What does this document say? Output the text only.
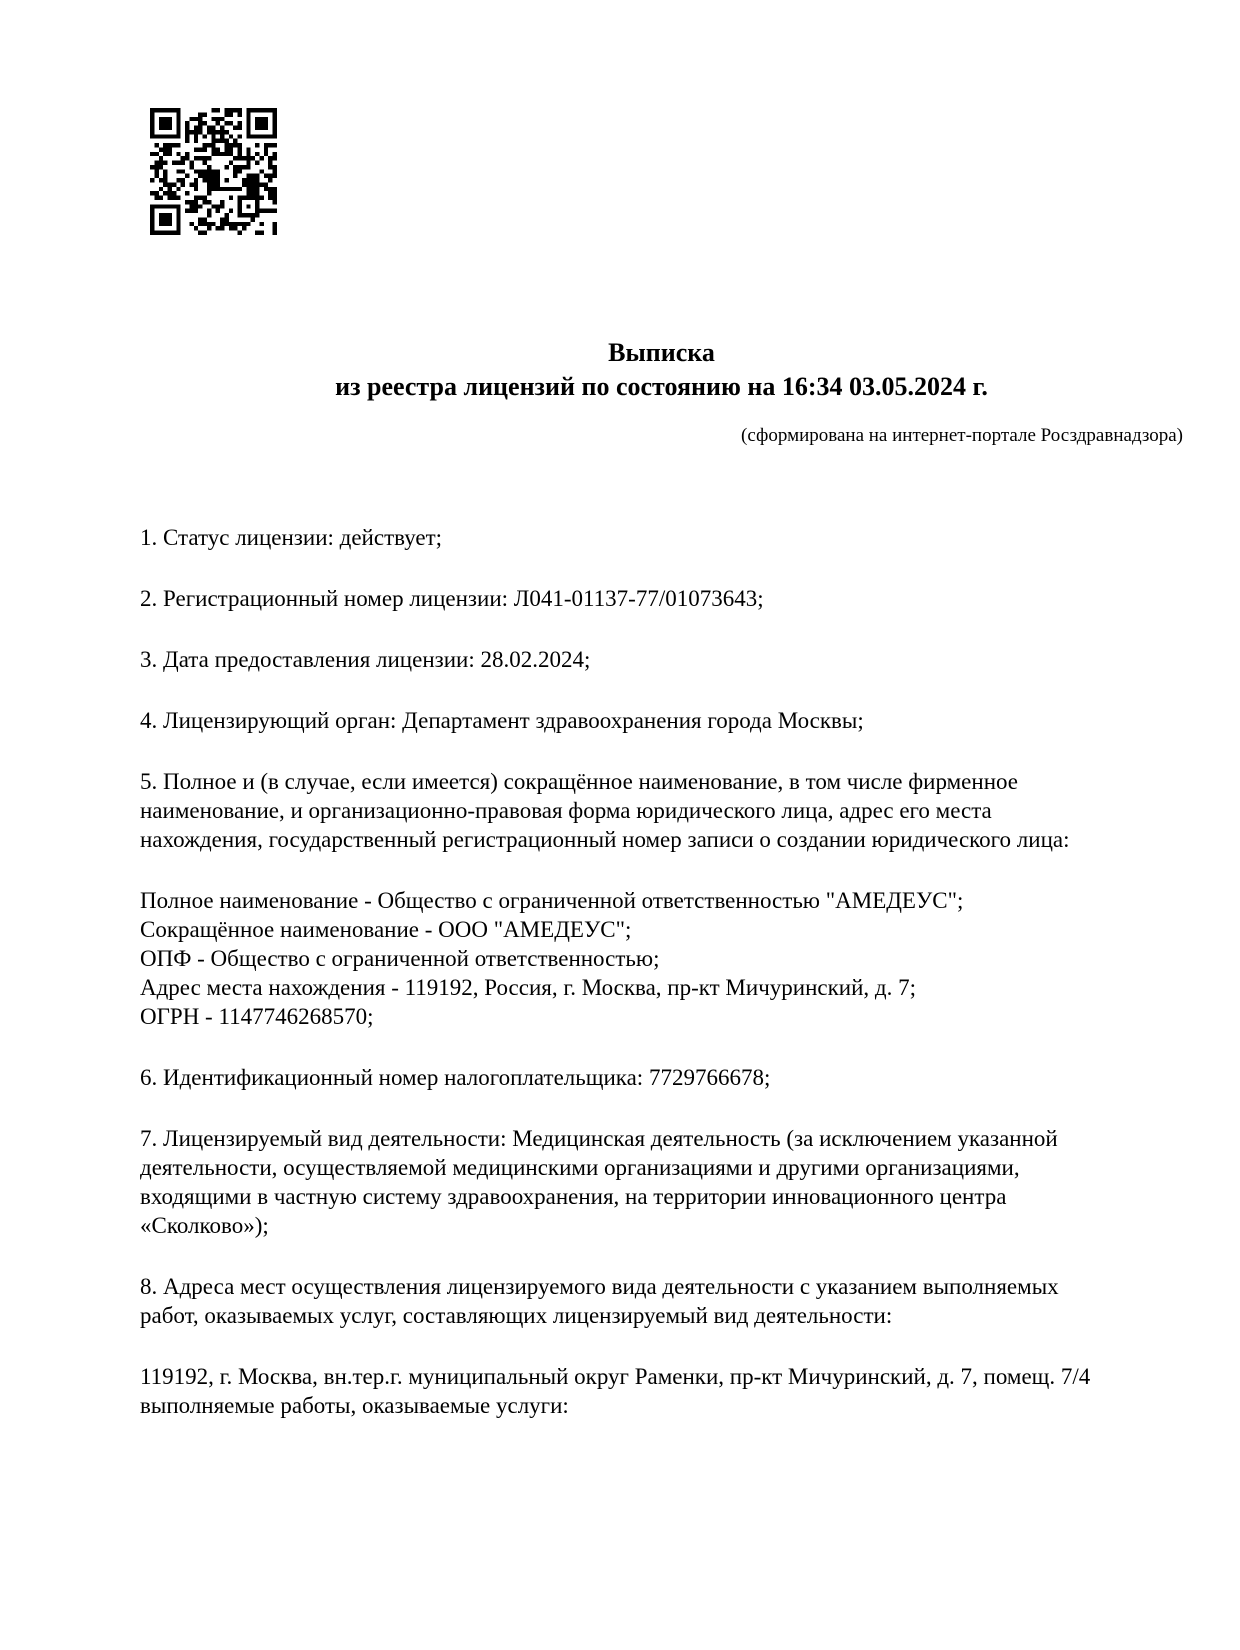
Выписка
из реестра лицензий по состоянию на 16:34 03.05.2024 г.
(сформирована на интернет-портале Росздравнадзора)
1. Статус лицензии: действует;
2. Регистрационный номер лицензии: Л041-01137-77/01073643;
3. Дата предоставления лицензии: 28.02.2024;
4. Лицензирующий орган: Департамент здравоохранения города Москвы;
5. Полное и (в случае, если имеется) сокращённое наименование, в том числе фирменное
наименование, и организационно-правовая форма юридического лица, адрес его места
нахождения, государственный регистрационный номер записи о создании юридического лица:
Полное наименование - Общество с ограниченной ответственностью "АМЕДЕУС";
Сокращённое наименование - ООО "АМЕДЕУС";
ОПФ - Общество с ограниченной ответственностью;
Адрес места нахождения - 119192, Россия, г. Москва, пр-кт Мичуринский, д. 7;
ОГРН - 1147746268570;
6. Идентификационный номер налогоплательщика: 7729766678;
7. Лицензируемый вид деятельности: Медицинская деятельность (за исключением указанной
деятельности, осуществляемой медицинскими организациями и другими организациями,
входящими в частную систему здравоохранения, на территории инновационного центра
«Сколково»);
8. Адреса мест осуществления лицензируемого вида деятельности с указанием выполняемых
работ, оказываемых услуг, составляющих лицензируемый вид деятельности:
119192, г. Москва, вн.тер.г. муниципальный округ Раменки, пр-кт Мичуринский, д. 7, помещ. 7/4
выполняемые работы, оказываемые услуги:
